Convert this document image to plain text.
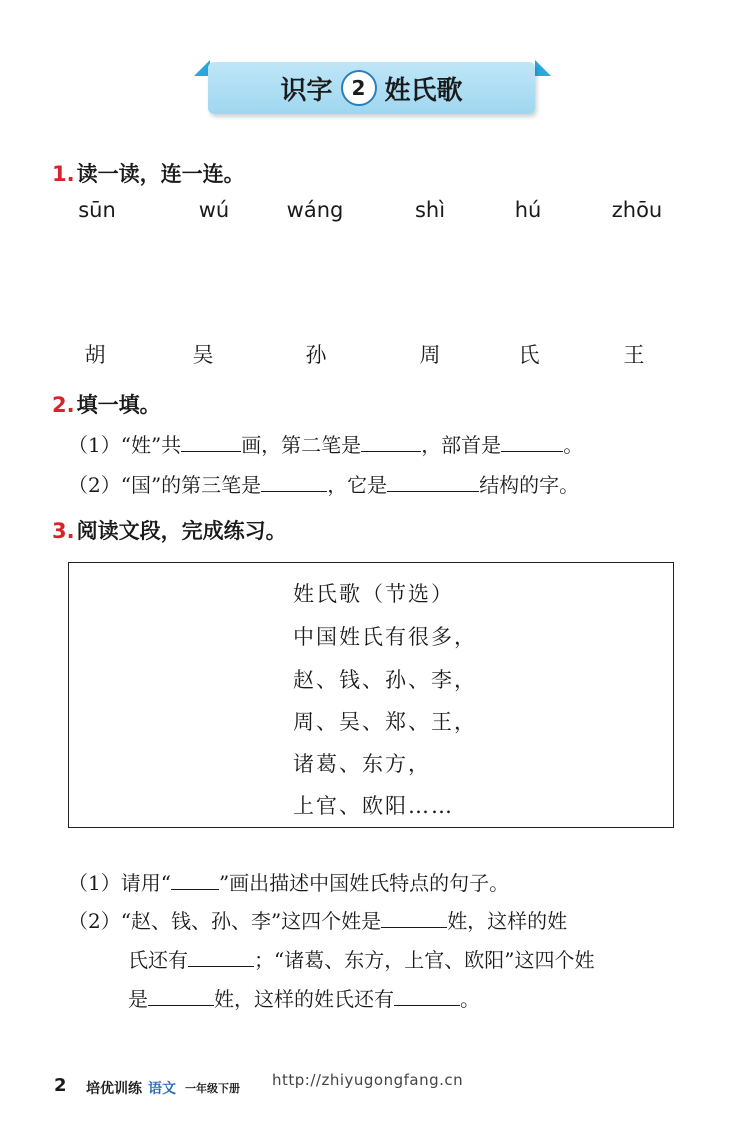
识字 2 姓氏歌
1. 读一读，连一连。
sūn	wú	wáng	shì	hú	zhōu
胡	吴	孙	周	氏	王
2. 填一填。
（1）“姓”共	画，第二笔是	，部首是	。
（2）“国”的第三笔是	，它是	结构的字。
3. 阅读文段，完成练习。
姓氏歌（节选）
中国姓氏有很多，
赵、钱、孙、李，
周、吴、郑、王，
诸葛、东方，
上官、欧阳……
（1）请用“ ”画出描述中国姓氏特点的句子。
（2）“赵、钱、孙、李”这四个姓是	姓，这样的姓
氏还有	；“诸葛、东方，上官、欧阳”这四个姓
是	姓，这样的姓氏还有	。
2 培优训练 语文 一年级下册 http://zhiyugongfang.cn
